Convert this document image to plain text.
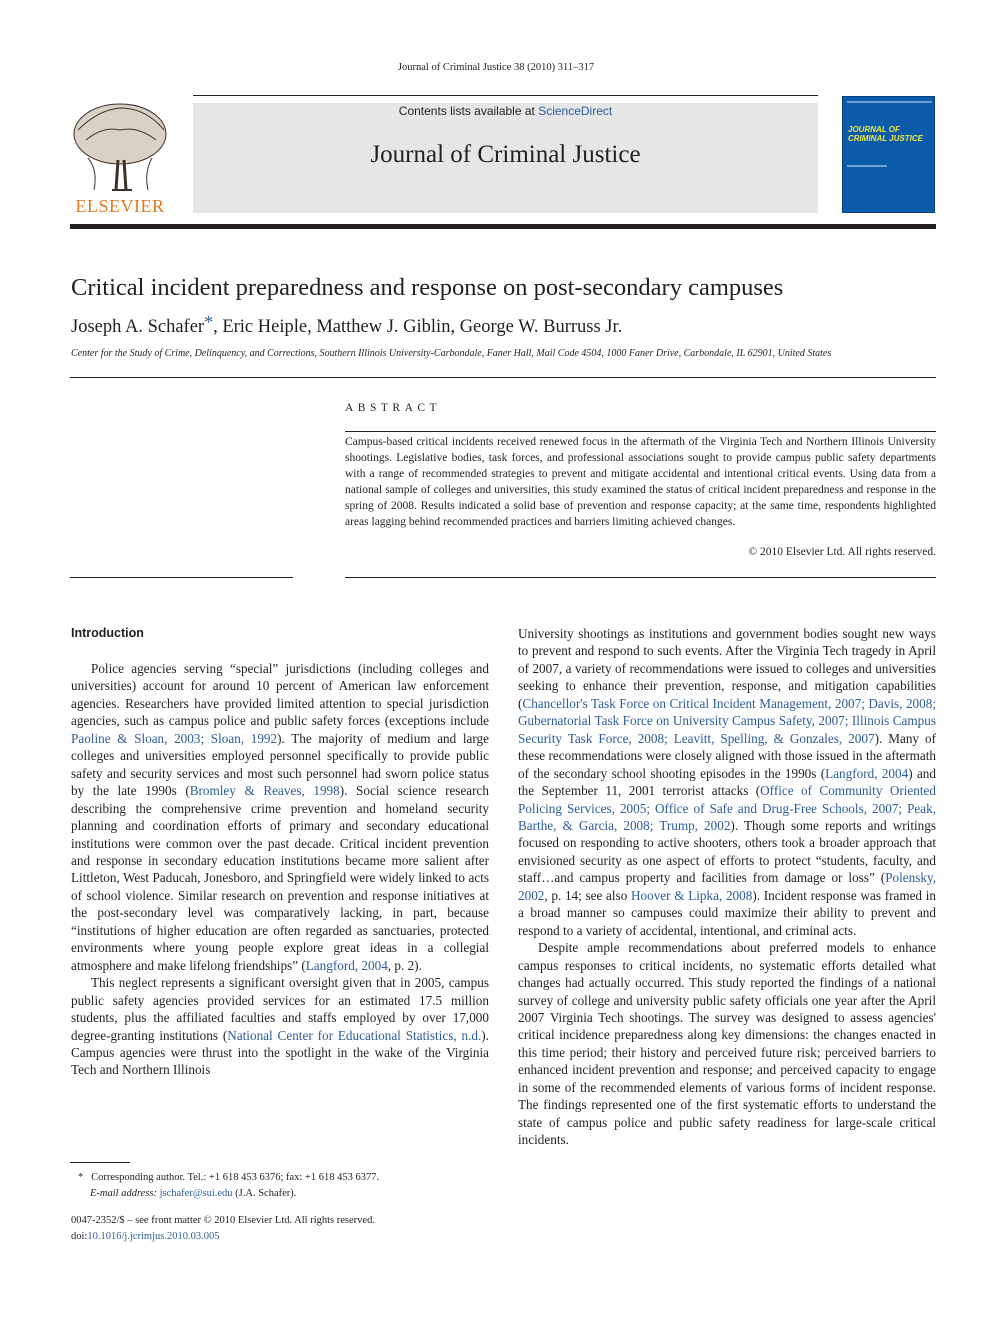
Journal of Criminal Justice 38 (2010) 311–317
ELSEVIER
Contents lists available at ScienceDirect
Journal of Criminal Justice
JOURNAL OF CRIMINAL JUSTICE
Critical incident preparedness and response on post-secondary campuses
Joseph A. Schafer*, Eric Heiple, Matthew J. Giblin, George W. Burruss Jr.
Center for the Study of Crime, Delinquency, and Corrections, Southern Illinois University-Carbondale, Faner Hall, Mail Code 4504, 1000 Faner Drive, Carbondale, IL 62901, United States
ABSTRACT
Campus-based critical incidents received renewed focus in the aftermath of the Virginia Tech and Northern Illinois University shootings. Legislative bodies, task forces, and professional associations sought to provide campus public safety departments with a range of recommended strategies to prevent and mitigate accidental and intentional critical events. Using data from a national sample of colleges and universities, this study examined the status of critical incident preparedness and response in the spring of 2008. Results indicated a solid base of prevention and response capacity; at the same time, respondents highlighted areas lagging behind recommended practices and barriers limiting achieved changes.
© 2010 Elsevier Ltd. All rights reserved.

Introduction

Police agencies serving “special” jurisdictions (including colleges and universities) account for around 10 percent of American law enforcement agencies. Researchers have provided limited attention to special jurisdiction agencies, such as campus police and public safety forces (exceptions include Paoline & Sloan, 2003; Sloan, 1992). The majority of medium and large colleges and universities employed personnel specifically to provide public safety and security services and most such personnel had sworn police status by the late 1990s (Bromley & Reaves, 1998). Social science research describing the comprehensive crime prevention and homeland security planning and coordination efforts of primary and secondary educational institutions were common over the past decade. Critical incident prevention and response in secondary education institutions became more salient after Littleton, West Paducah, Jonesboro, and Springfield were widely linked to acts of school violence. Similar research on prevention and response initiatives at the post-secondary level was comparatively lacking, in part, because “institutions of higher education are often regarded as sanctuaries, protected environments where young people explore great ideas in a collegial atmosphere and make lifelong friendships” (Langford, 2004, p. 2).

This neglect represents a significant oversight given that in 2005, campus public safety agencies provided services for an estimated 17.5 million students, plus the affiliated faculties and staffs employed by over 17,000 degree-granting institutions (National Center for Educational Statistics, n.d.). Campus agencies were thrust into the spotlight in the wake of the Virginia Tech and Northern Illinois

University shootings as institutions and government bodies sought new ways to prevent and respond to such events. After the Virginia Tech tragedy in April of 2007, a variety of recommendations were issued to colleges and universities seeking to enhance their prevention, response, and mitigation capabilities (Chancellor's Task Force on Critical Incident Management, 2007; Davis, 2008; Gubernatorial Task Force on University Campus Safety, 2007; Illinois Campus Security Task Force, 2008; Leavitt, Spelling, & Gonzales, 2007). Many of these recommendations were closely aligned with those issued in the aftermath of the secondary school shooting episodes in the 1990s (Langford, 2004) and the September 11, 2001 terrorist attacks (Office of Community Oriented Policing Services, 2005; Office of Safe and Drug-Free Schools, 2007; Peak, Barthe, & Garcia, 2008; Trump, 2002). Though some reports and writings focused on responding to active shooters, others took a broader approach that envisioned security as one aspect of efforts to protect “students, faculty, and staff…and campus property and facilities from damage or loss” (Polensky, 2002, p. 14; see also Hoover & Lipka, 2008). Incident response was framed in a broad manner so campuses could maximize their ability to prevent and respond to a variety of accidental, intentional, and criminal acts.

Despite ample recommendations about preferred models to enhance campus responses to critical incidents, no systematic efforts detailed what changes had actually occurred. This study reported the findings of a national survey of college and university public safety officials one year after the April 2007 Virginia Tech shootings. The survey was designed to assess agencies' critical incidence preparedness along key dimensions: the changes enacted in this time period; their history and perceived future risk; perceived barriers to enhanced incident prevention and response; and perceived capacity to engage in some of the recommended elements of various forms of incident response. The findings represented one of the first systematic efforts to understand the state of campus police and public safety readiness for large-scale critical incidents.

* Corresponding author. Tel.: +1 618 453 6376; fax: +1 618 453 6377.
E-mail address: jschafer@sui.edu (J.A. Schafer).
0047-2352/$ – see front matter © 2010 Elsevier Ltd. All rights reserved.
doi:10.1016/j.jcrimjus.2010.03.005
